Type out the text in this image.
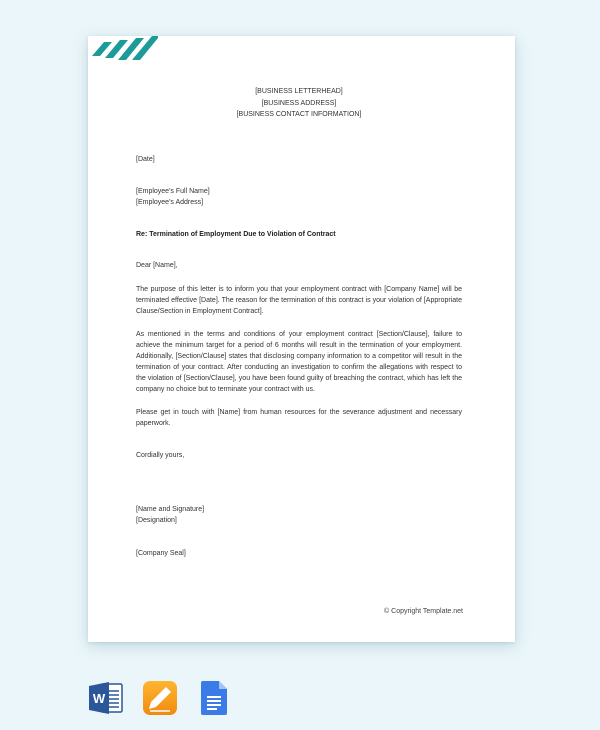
[BUSINESS LETTERHEAD]
[BUSINESS ADDRESS]
[BUSINESS CONTACT INFORMATION]
[Date]
[Employee's Full Name]
[Employee's Address]
Re: Termination of Employment Due to Violation of Contract
Dear [Name],

The purpose of this letter is to inform you that your employment contract with [Company Name] will be terminated effective [Date]. The reason for the termination of this contract is your violation of [Appropriate Clause/Section in Employment Contract].

As mentioned in the terms and conditions of your employment contract [Section/Clause], failure to achieve the minimum target for a period of 6 months will result in the termination of your employment. Additionally, [Section/Clause] states that disclosing company information to a competitor will result in the termination of your contract. After conducting an investigation to confirm the allegations with respect to the violation of [Section/Clause], you have been found guilty of breaching the contract, which has left the company no choice but to terminate your contract with us.

Please get in touch with [Name] from human resources for the severance adjustment and necessary paperwork.

Cordially yours,
[Name and Signature]
[Designation]
[Company Seal]
© Copyright Template.net
W
